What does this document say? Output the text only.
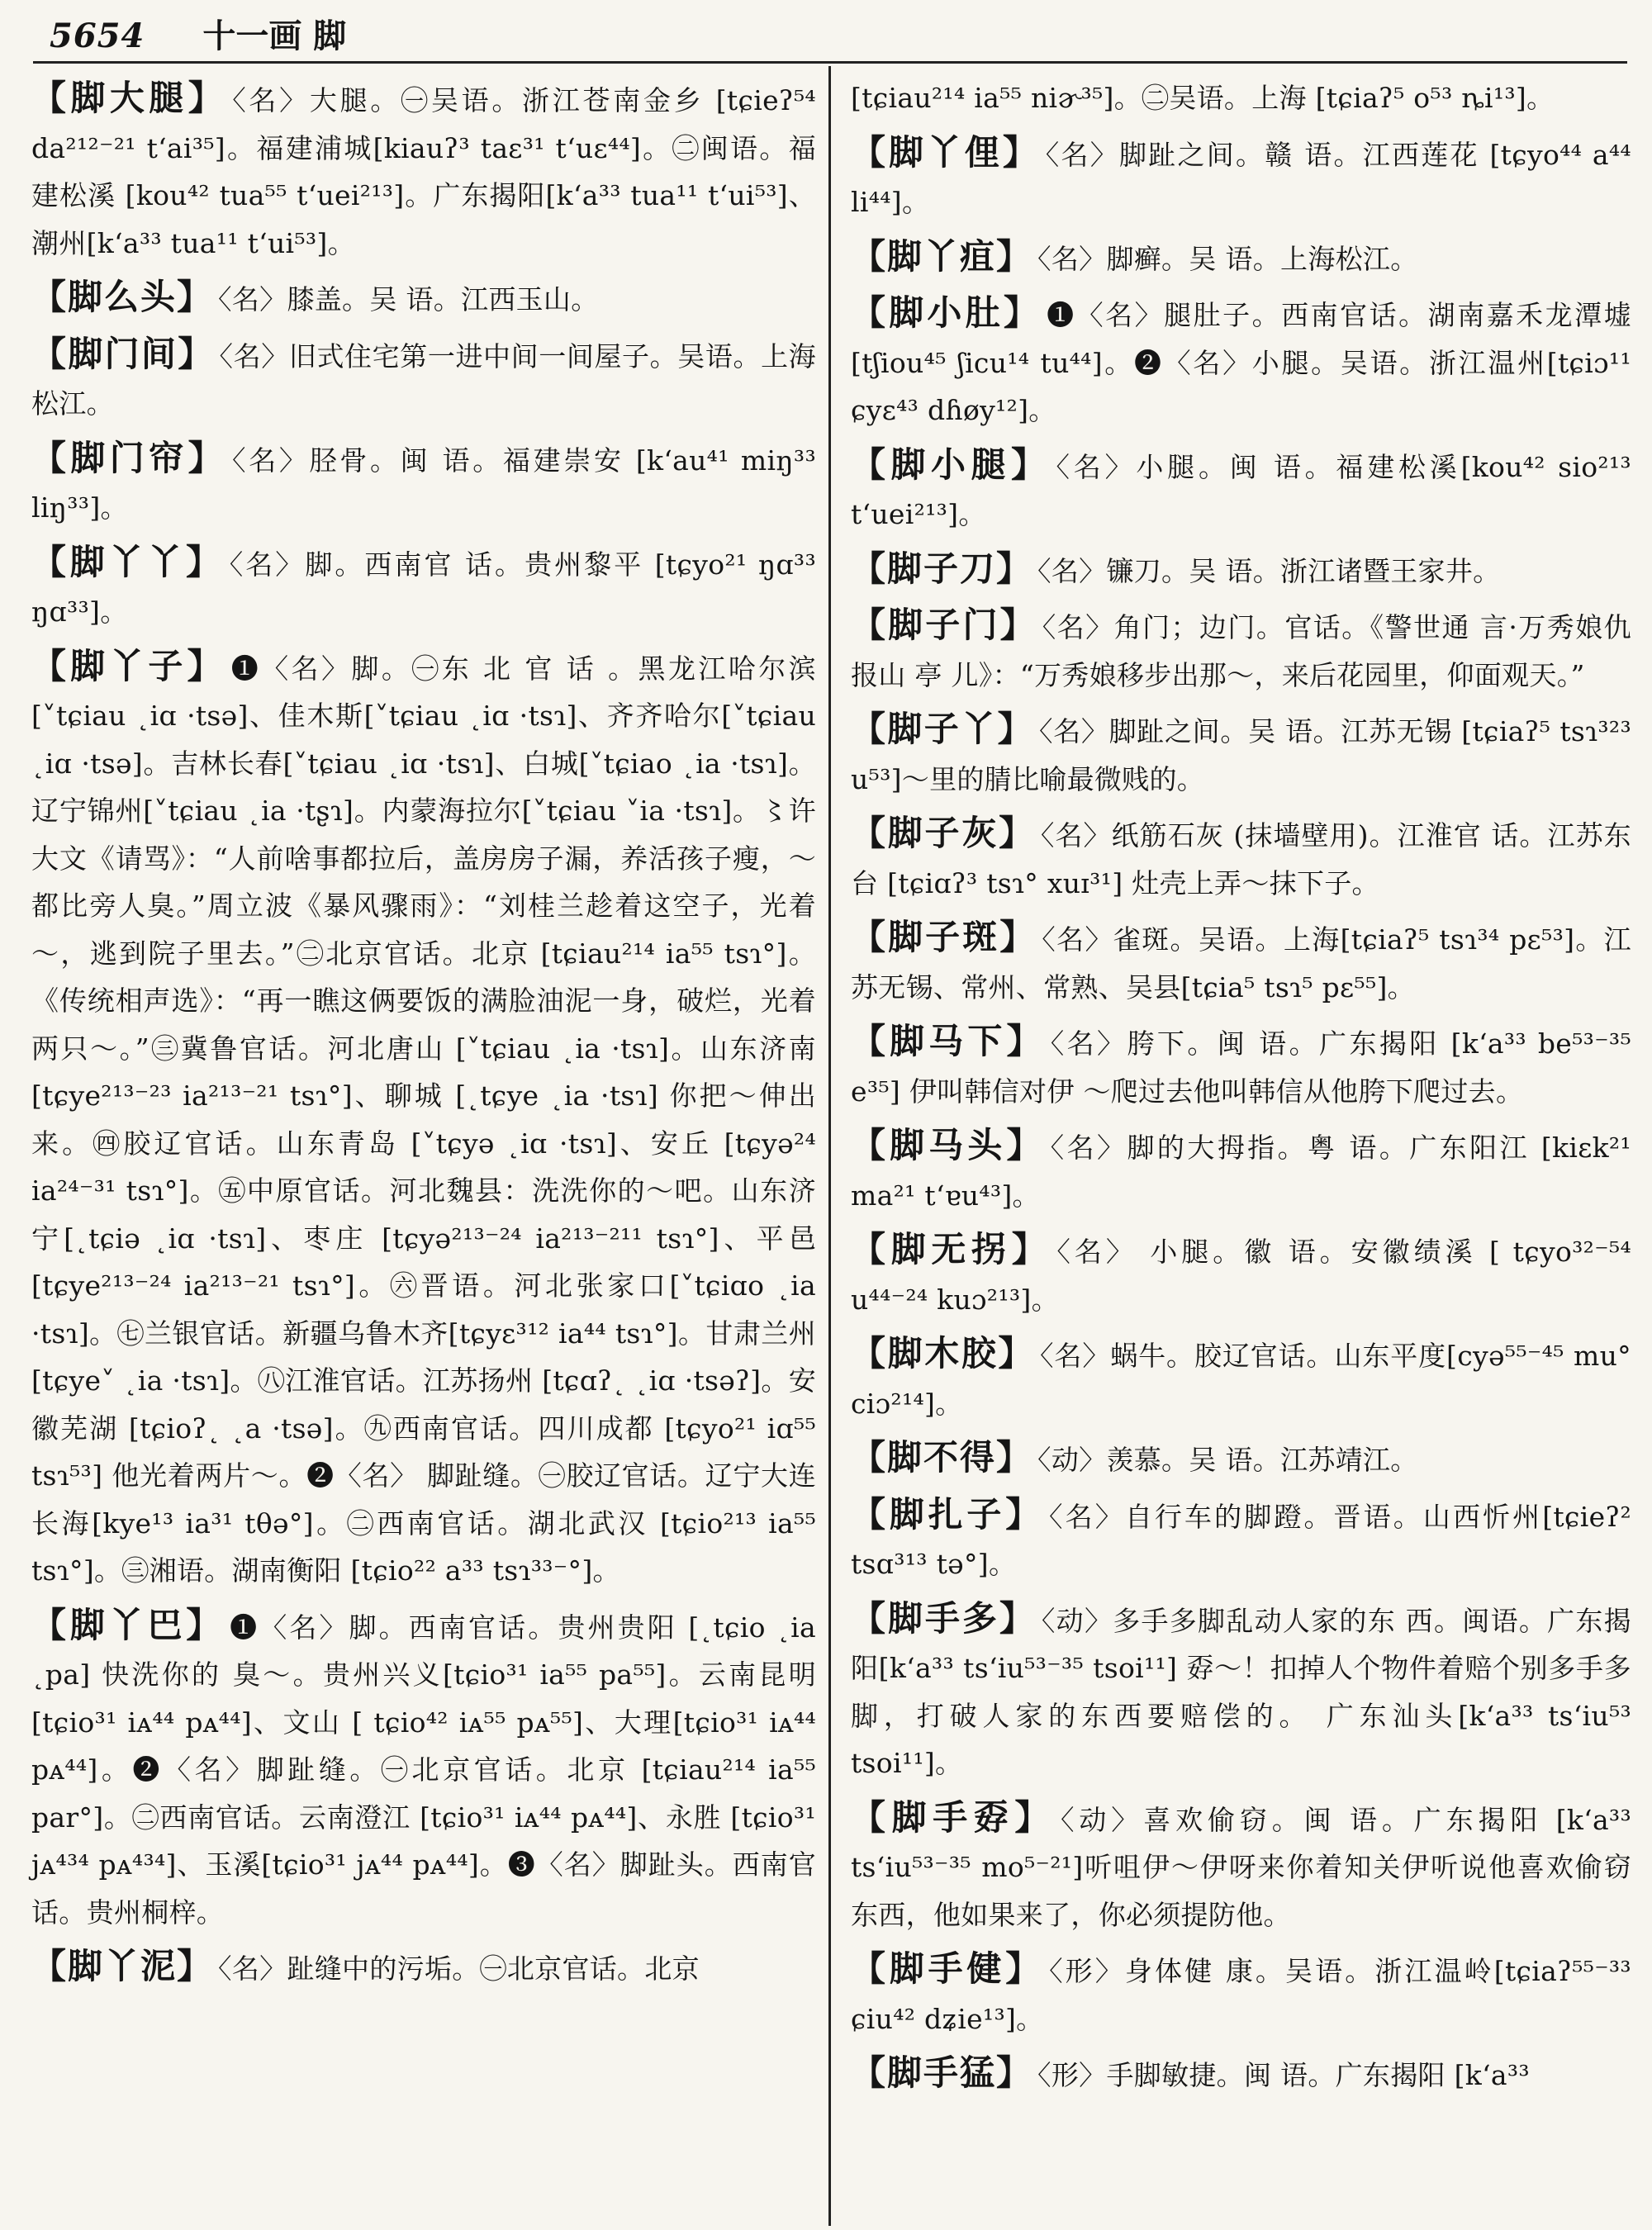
5654 十一画 脚
【脚大腿】 〈名〉大腿。㊀吴语。浙江苍南金乡 [tɕieʔ⁵⁴ da²¹²⁻²¹ t‘ai³⁵]。福建浦城[kiauʔ³ taɛ³¹ t‘uɛ⁴⁴]。㊁闽语。福建松溪 [kou⁴² tua⁵⁵ t‘uei²¹³]。广东揭阳[k‘a³³ tua¹¹ t‘ui⁵³]、潮州[k‘a³³ tua¹¹ t‘ui⁵³]。
【脚么头】 〈名〉膝盖。吴 语。江西玉山。
【脚门间】 〈名〉旧式住宅第一进中间一间屋子。吴语。上海松江。
【脚门帘】 〈名〉胫骨。闽 语。福建崇安 [k‘au⁴¹ miŋ³³ liŋ³³]。
【脚丫丫】 〈名〉脚。西南官 话。贵州黎平 [tɕyo²¹ ŋɑ³³ ŋɑ³³]。
【脚丫子】 ❶〈名〉脚。㊀东 北 官 话 。黑龙江哈尔滨[˅tɕiau ˛iɑ ·tsə]、佳木斯[˅tɕiau ˛iɑ ·tsɿ]、齐齐哈尔[˅tɕiau ˛iɑ ·tsə]。吉林长春[˅tɕiau ˛iɑ ·tsɿ]、白城[˅tɕiao ˛ia ·tsɿ]。辽宁锦州[˅tɕiau ˛ia ·tʂɿ]。内蒙海拉尔[˅tɕiau ˅ia ·tsɿ]。〻许大文《请骂》：“人前啥事都拉后，盖房房子漏，养活孩子瘦，～都比旁人臭。”周立波《暴风骤雨》：“刘桂兰趁着这空子，光着～，逃到院子里去。”㊁北京官话。北京 [tɕiau²¹⁴ ia⁵⁵ tsɿ°]。《传统相声选》：“再一瞧这俩要饭的满脸油泥一身，破烂，光着两只～。”㊂冀鲁官话。河北唐山 [˅tɕiau ˛ia ·tsɿ]。山东济南 [tɕye²¹³⁻²³ ia²¹³⁻²¹ tsɿ°]、聊城 [˛tɕye ˛ia ·tsɿ] 你把～伸出来。㊃胶辽官话。山东青岛 [˅tɕyə ˛iɑ ·tsɿ]、安丘 [tɕyə²⁴ ia²⁴⁻³¹ tsɿ°]。㊄中原官话。河北魏县：洗洗你的～吧。山东济宁[˛tɕiə ˛iɑ ·tsɿ]、枣庄 [tɕyə²¹³⁻²⁴ ia²¹³⁻²¹¹ tsɿ°]、平邑 [tɕye²¹³⁻²⁴ ia²¹³⁻²¹ tsɿ°]。㊅晋语。河北张家口[˅tɕiɑo ˛ia ·tsɿ]。㊆兰银官话。新疆乌鲁木齐[tɕyɛ³¹² ia⁴⁴ tsɿ°]。甘肃兰州[tɕye˅ ˛ia ·tsɿ]。㊇江淮官话。江苏扬州 [tɕɑʔ˛ ˛iɑ ·tsəʔ]。安徽芜湖 [tɕioʔ˛ ˛a ·tsə]。㊈西南官话。四川成都 [tɕyo²¹ iɑ⁵⁵ tsɿ⁵³] 他光着两片～。❷〈名〉 脚趾缝。㊀胶辽官话。辽宁大连长海[kye¹³ ia³¹ tθə°]。㊁西南官话。湖北武汉 [tɕio²¹³ ia⁵⁵ tsɿ°]。㊂湘语。湖南衡阳 [tɕio²² a³³ tsɿ³³⁻°]。
【脚丫巴】 ❶〈名〉脚。西南官话。贵州贵阳 [˛tɕio ˛ia ˛pa] 快洗你的 臭～。贵州兴义[tɕio³¹ ia⁵⁵ pa⁵⁵]。云南昆明[tɕio³¹ iᴀ⁴⁴ pᴀ⁴⁴]、文山 [ tɕio⁴² iᴀ⁵⁵ pᴀ⁵⁵]、大理[tɕio³¹ iᴀ⁴⁴ pᴀ⁴⁴]。❷〈名〉脚趾缝。㊀北京官话。北京 [tɕiau²¹⁴ ia⁵⁵ par°]。㊁西南官话。云南澄江 [tɕio³¹ iᴀ⁴⁴ pᴀ⁴⁴]、永胜 [tɕio³¹ jᴀ⁴³⁴ pᴀ⁴³⁴]、玉溪[tɕio³¹ jᴀ⁴⁴ pᴀ⁴⁴]。❸〈名〉脚趾头。西南官话。贵州桐梓。
【脚丫泥】 〈名〉趾缝中的污垢。㊀北京官话。北京
[tɕiau²¹⁴ ia⁵⁵ niɚ³⁵]。㊁吴语。上海 [tɕiaʔ⁵ o⁵³ ȵi¹³]。
【脚丫俚】 〈名〉脚趾之间。赣 语。江西莲花 [tɕyo⁴⁴ a⁴⁴ li⁴⁴]。
【脚丫疽】 〈名〉脚癣。吴 语。上海松江。
【脚小肚】 ❶〈名〉腿肚子。西南官话。湖南嘉禾龙潭墟 [tʃiou⁴⁵ ʃicu¹⁴ tu⁴⁴]。❷〈名〉小腿。吴语。浙江温州[tɕiɔ¹¹ ɕyɛ⁴³ dɦøy¹²]。
【脚小腿】 〈名〉小腿。闽 语。福建松溪[kou⁴² sio²¹³ t‘uei²¹³]。
【脚子刀】 〈名〉镰刀。吴 语。浙江诸暨王家井。
【脚子门】 〈名〉角门；边门。官话。《警世通 言·万秀娘仇报山 亭 儿》：“万秀娘移步出那～，来后花园里，仰面观天。”
【脚子丫】 〈名〉脚趾之间。吴 语。江苏无锡 [tɕiaʔ⁵ tsɿ³²³ u⁵³]～里的腈比喻最微贱的。
【脚子灰】 〈名〉纸筋石灰 (抹墙壁用)。江淮官 话。江苏东台 [tɕiɑʔ³ tsɿ° xuɪ³¹] 灶壳上弄～抹下子。
【脚子斑】 〈名〉雀斑。吴语。上海[tɕiaʔ⁵ tsɿ³⁴ pɛ⁵³]。江苏无锡、常州、常熟、吴县[tɕia⁵ tsɿ⁵ pɛ⁵⁵]。
【脚马下】 〈名〉胯下。闽 语。广东揭阳 [k‘a³³ be⁵³⁻³⁵ e³⁵] 伊叫韩信对伊 ～爬过去他叫韩信从他胯下爬过去。
【脚马头】 〈名〉脚的大拇指。粤 语。广东阳江 [kiɛk²¹ ma²¹ t‘ɐu⁴³]。
【脚无拐】 〈名〉 小腿。徽 语。安徽绩溪 [ tɕyo³²⁻⁵⁴ u⁴⁴⁻²⁴ kuɔ²¹³]。
【脚木胶】 〈名〉蜗牛。胶辽官话。山东平度[cyə⁵⁵⁻⁴⁵ mu° ciɔ²¹⁴]。
【脚不得】 〈动〉羡慕。吴 语。江苏靖江。
【脚扎子】 〈名〉自行车的脚蹬。晋语。山西忻州[tɕieʔ² tsɑ³¹³ tə°]。
【脚手多】 〈动〉多手多脚乱动人家的东 西。闽语。广东揭阳[k‘a³³ ts‘iu⁵³⁻³⁵ tsoi¹¹] 孬～！扣掉人个物件着赔个别多手多脚，打破人家的东西要赔偿的。 广东汕头[k‘a³³ ts‘iu⁵³ tsoi¹¹]。
【脚手孬】 〈动〉喜欢偷窃。闽 语。广东揭阳 [k‘a³³ ts‘iu⁵³⁻³⁵ mo⁵⁻²¹]听咀伊～伊呀来你着知关伊听说他喜欢偷窃东西，他如果来了，你必须提防他。
【脚手健】 〈形〉身体健 康。吴语。浙江温岭[tɕiaʔ⁵⁵⁻³³ ɕiu⁴² dʑie¹³]。
【脚手猛】 〈形〉手脚敏捷。闽 语。广东揭阳 [k‘a³³
